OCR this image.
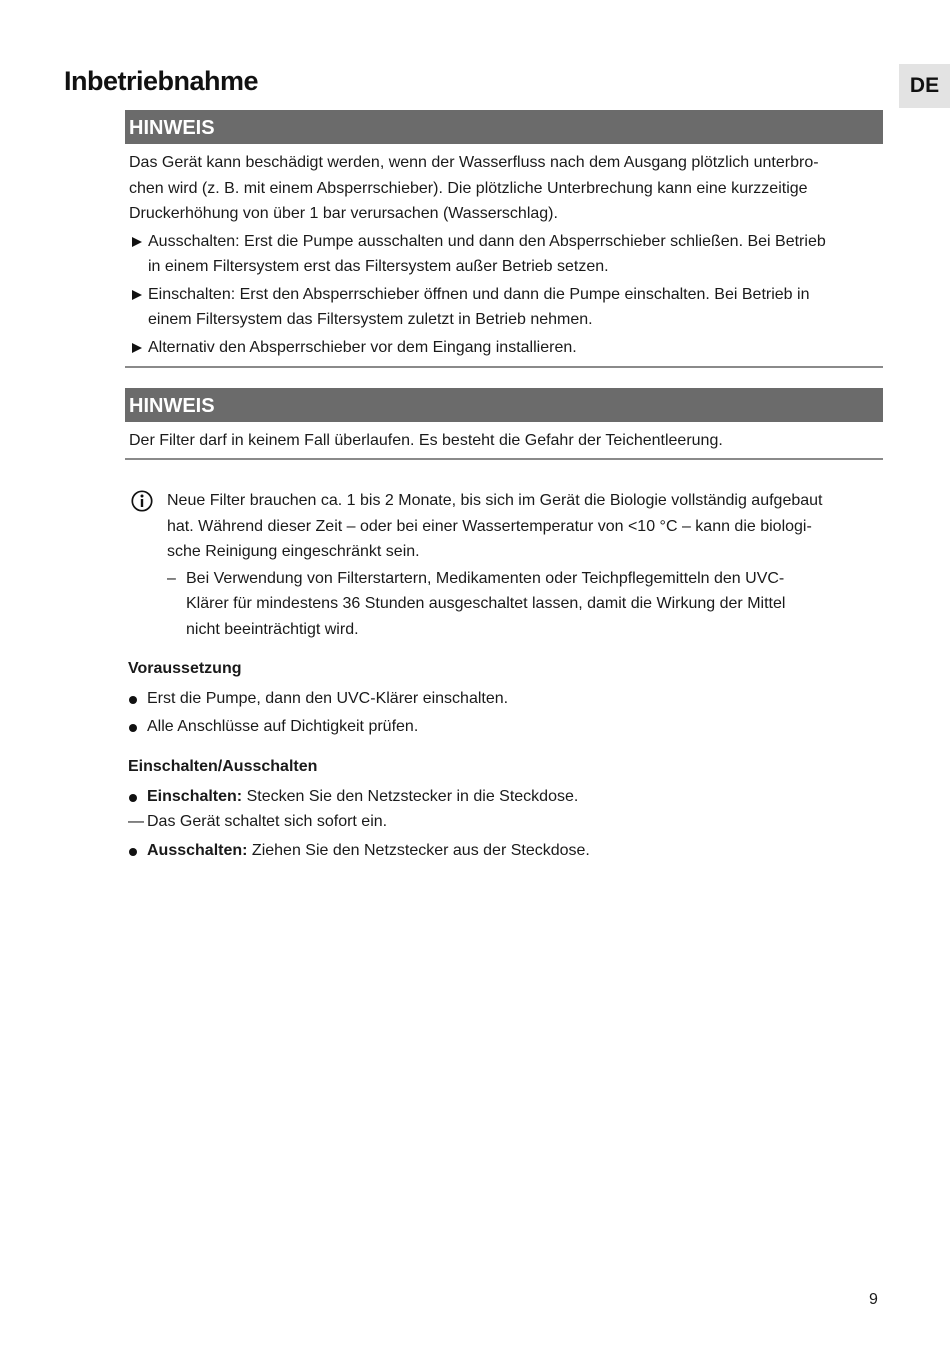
Inbetriebnahme	DE
HINWEIS

Das Gerät kann beschädigt werden, wenn der Wasserfluss nach dem Ausgang plötzlich unterbro-

chen wird (z. B. mit einem Absperrschieber). Die plötzliche Unterbrechung kann eine kurzzeitige

Druckerhöhung von über 1 bar verursachen (Wasserschlag).

Ausschalten: Erst die Pumpe ausschalten und dann den Absperrschieber schließen. Bei Betrieb
in einem Filtersystem erst das Filtersystem außer Betrieb setzen.
Einschalten: Erst den Absperrschieber öffnen und dann die Pumpe einschalten. Bei Betrieb in
einem Filtersystem das Filtersystem zuletzt in Betrieb nehmen.
Alternativ den Absperrschieber vor dem Eingang installieren.
HINWEIS

Der Filter darf in keinem Fall überlaufen. Es besteht die Gefahr der Teichentleerung.

Neue Filter brauchen ca. 1 bis 2 Monate, bis sich im Gerät die Biologie vollständig aufgebaut

hat. Während dieser Zeit – oder bei einer Wassertemperatur von <10 °C – kann die biologi-

sche Reinigung eingeschränkt sein.

– Bei Verwendung von Filterstartern, Medikamenten oder Teichpflegemitteln den UVC-
Klärer für mindestens 36 Stunden ausgeschaltet lassen, damit die Wirkung der Mittel
nicht beeinträchtigt wird.
Voraussetzung
Erst die Pumpe, dann den UVC-Klärer einschalten.
Alle Anschlüsse auf Dichtigkeit prüfen.
Einschalten/Ausschalten
Einschalten: Stecken Sie den Netzstecker in die Steckdose.
— Das Gerät schaltet sich sofort ein.
Ausschalten: Ziehen Sie den Netzstecker aus der Steckdose.
9
